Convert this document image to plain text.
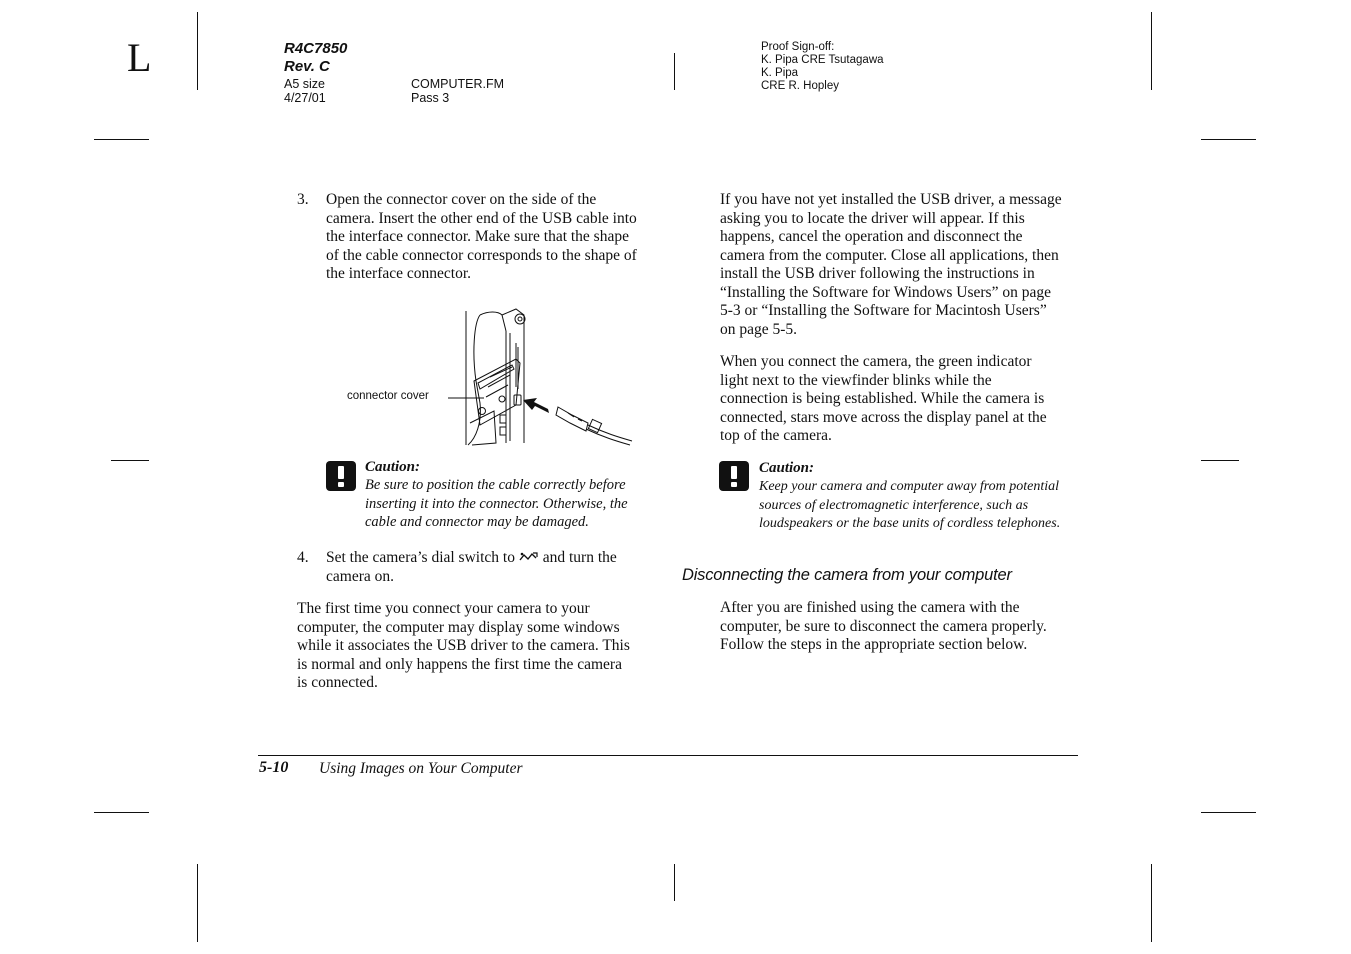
L	R4C7850
Rev. C
A5 size
4/27/01
COMPUTER.FM
Pass 3
Proof Sign-off:
K. Pipa CRE Tsutagawa
K. Pipa
CRE R. Hopley
3. Open the connector cover on the side of the
camera. Insert the other end of the USB cable into
the interface connector. Make sure that the shape
of the cable connector corresponds to the shape of
the interface connector.
connector cover
Caution:
Be sure to position the cable correctly before
inserting it into the connector. Otherwise, the
cable and connector may be damaged.
4. Set the camera’s dial switch to and turn the
camera on.
The first time you connect your camera to your
computer, the computer may display some windows
while it associates the USB driver to the camera. This
is normal and only happens the first time the camera
is connected.
If you have not yet installed the USB driver, a message
asking you to locate the driver will appear. If this
happens, cancel the operation and disconnect the
camera from the computer. Close all applications, then
install the USB driver following the instructions in
“Installing the Software for Windows Users” on page
5-3 or “Installing the Software for Macintosh Users”
on page 5-5.
When you connect the camera, the green indicator
light next to the viewfinder blinks while the
connection is being established. While the camera is
connected, stars move across the display panel at the
top of the camera.
Caution:
Keep your camera and computer away from potential
sources of electromagnetic interference, such as
loudspeakers or the base units of cordless telephones.
Disconnecting the camera from your computer
After you are finished using the camera with the
computer, be sure to disconnect the camera properly.
Follow the steps in the appropriate section below.
5-10 Using Images on Your Computer
